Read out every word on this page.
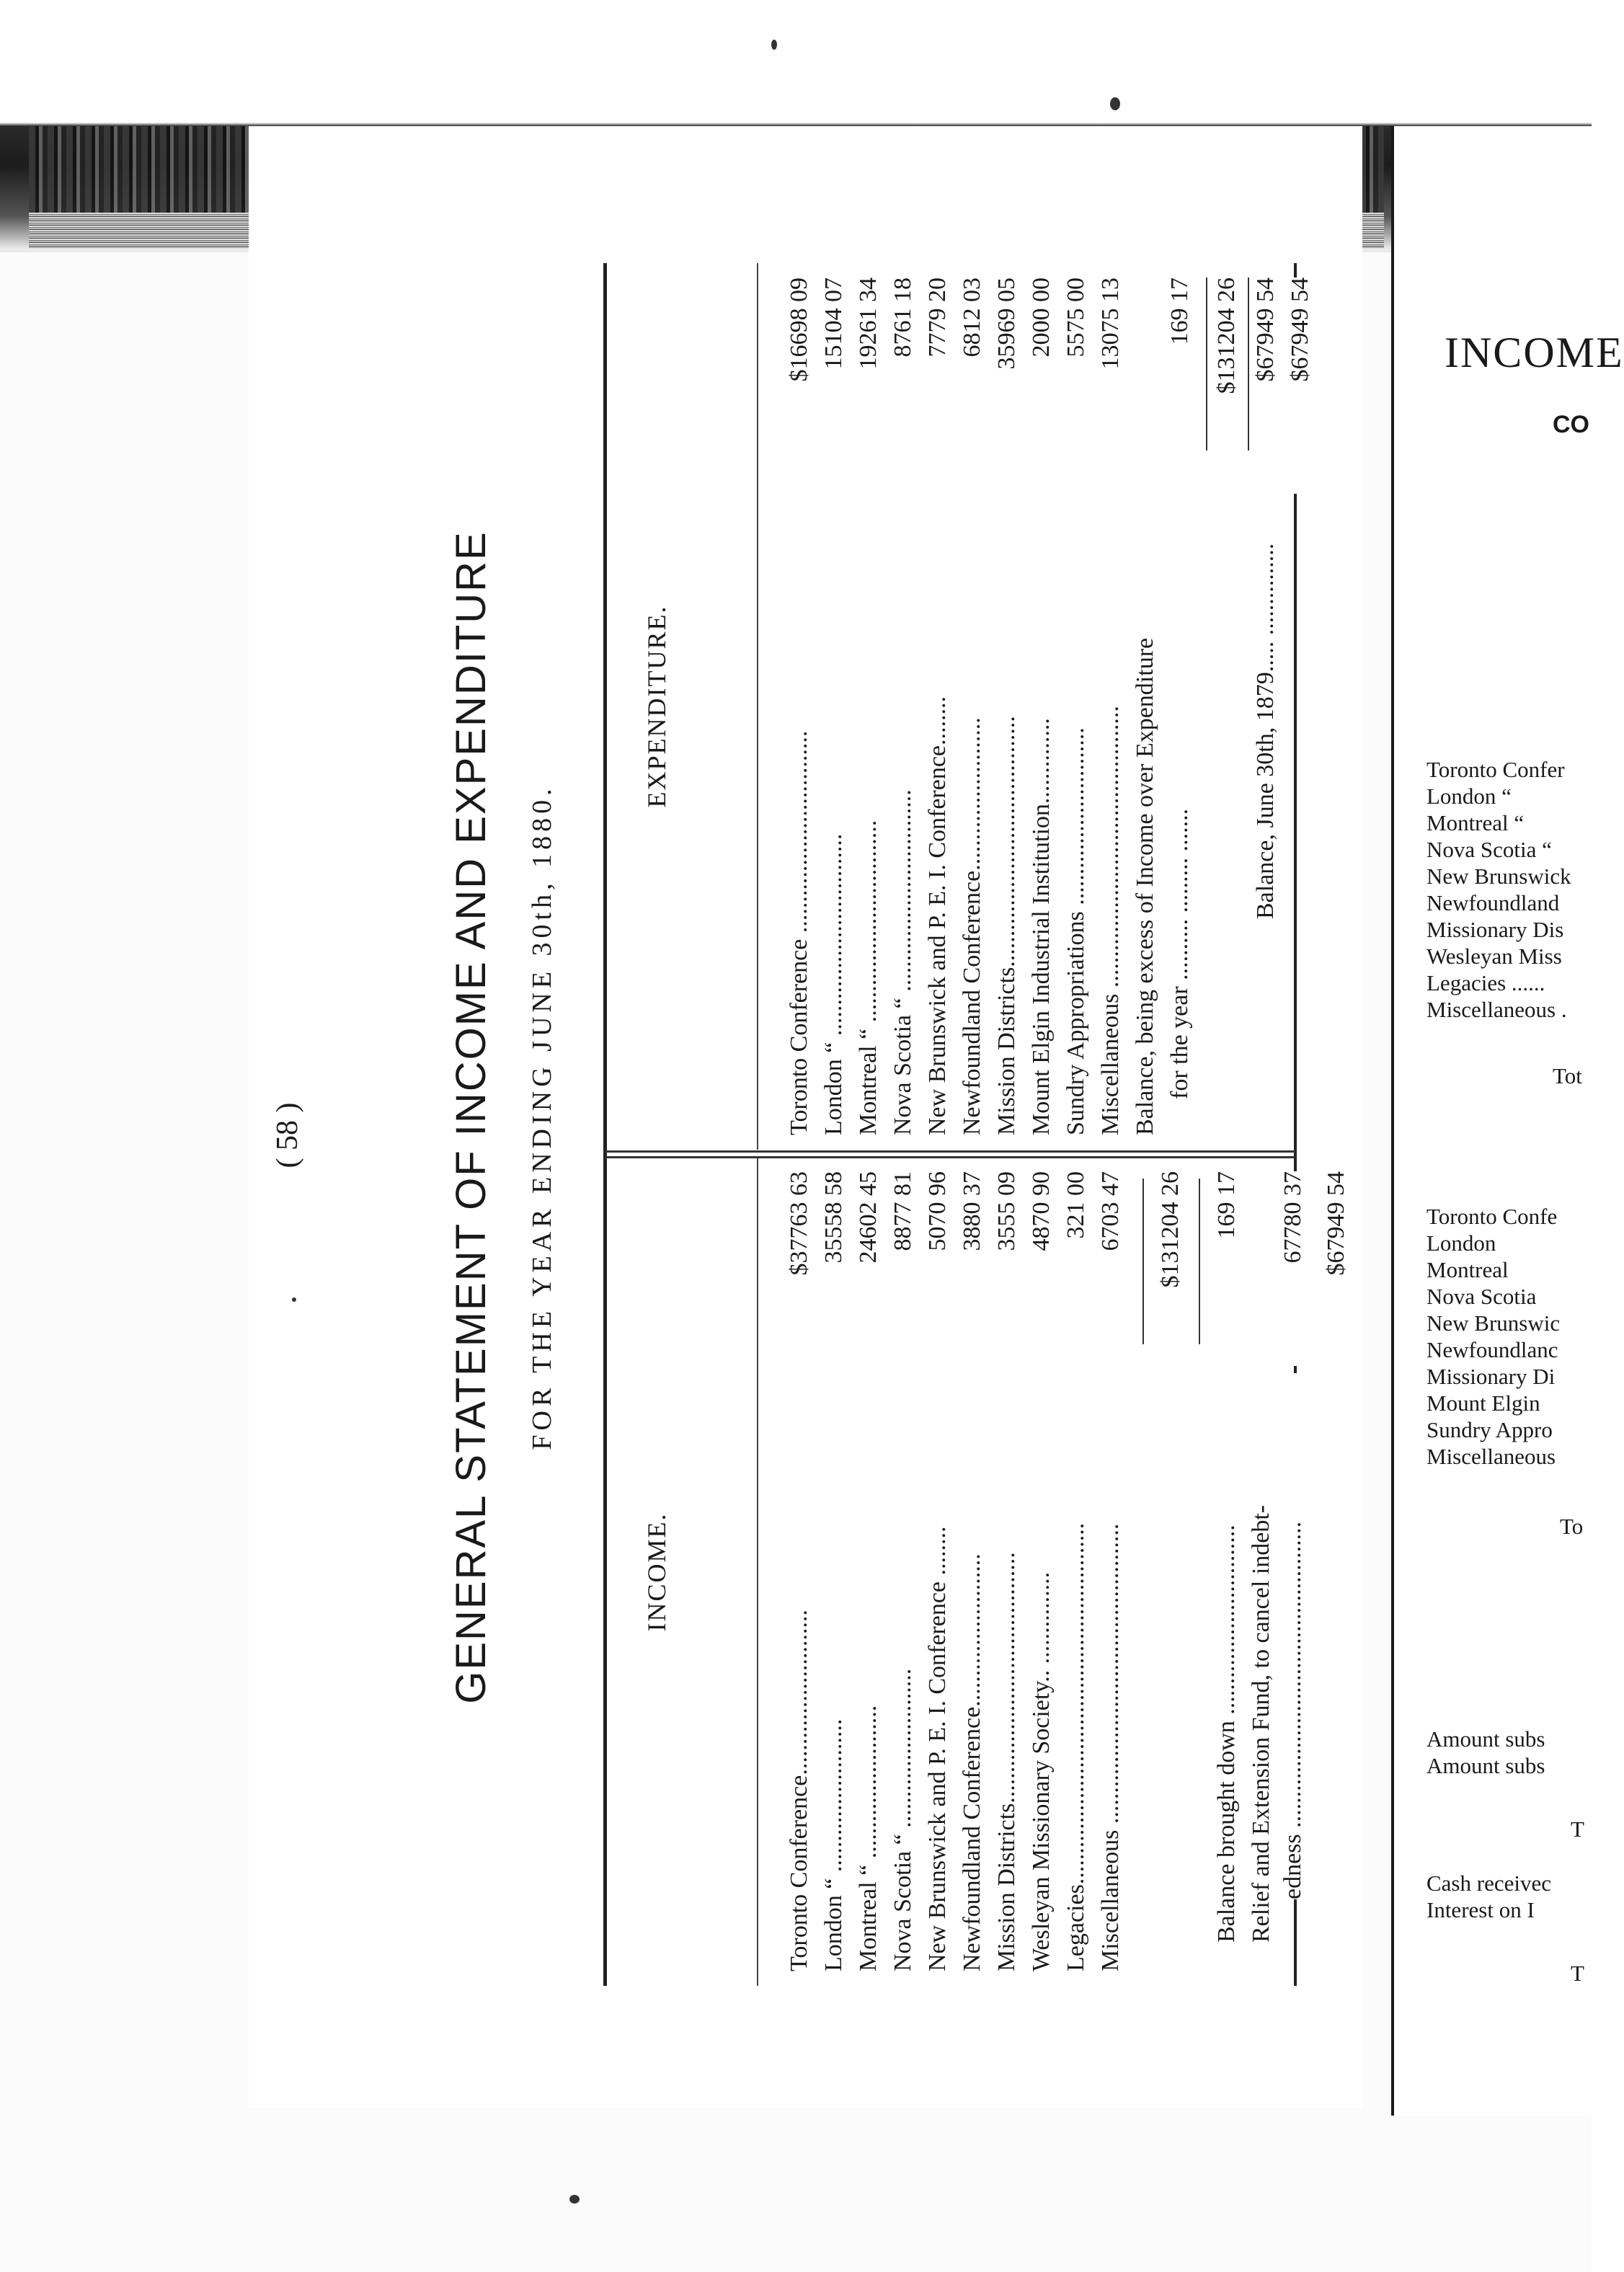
( 58 )	GENERAL STATEMENT OF INCOME AND EXPENDITURE FOR THE YEAR ENDING JUNE 30th, 1880.
INCOME.
EXPENDITURE.
Toronto Conference...........................
$37763 63
London “ .........................
35558 58
Montreal “ .........................
24602 45
Nova Scotia “ ..........................
8877 81
New Brunswick and P. E. I. Conference ........
5070 96
Newfoundland Conference.........................
3880 37
Mission Districts.........................................
3555 09
Wesleyan Missionary Society.. ...............
4870 90
Legacies...........................................................
321 00
Miscellaneous .................................................
6703 47 $131204 26
Balance brought down ...............................
169 17
Relief and Extension Fund, to cancel indebt-
Toronto Conference .................................
$16698 09
London “ .................................
15104 07
Montreal “ .................................
19261 34
Nova Scotia “ .................................
8761 18
New Brunswick and P. E. I. Conference........
7779 20
Newfoundland Conference.........................
6812 03
Mission Districts.........................................
35969 05
Mount Elgin Industrial Institution..............
2000 00
Sundry Appropriations .............................
5575 00
Miscellaneous ..............................................
13075 13
Balance, being excess of Income over Expenditure for the year .......... ......... .......
169 17 $131204 26
Balance, June 30th, 1879..... ...............
$67949 54
edness ..................................................
67780 37 $67949 54
$67949 54	INCOME
CO
Toronto Confer
London “
Montreal “
Nova Scotia “
New Brunswick
Newfoundland
Missionary Dis
Wesleyan Miss
Legacies ......
Miscellaneous .
Tot
Toronto Confe
London
Montreal
Nova Scotia
New Brunswic
Newfoundlanc
Missionary Di
Mount Elgin
Sundry Appro
Miscellaneous
To
Amount subs
Amount subs
T
Cash receivec
Interest on I
T
